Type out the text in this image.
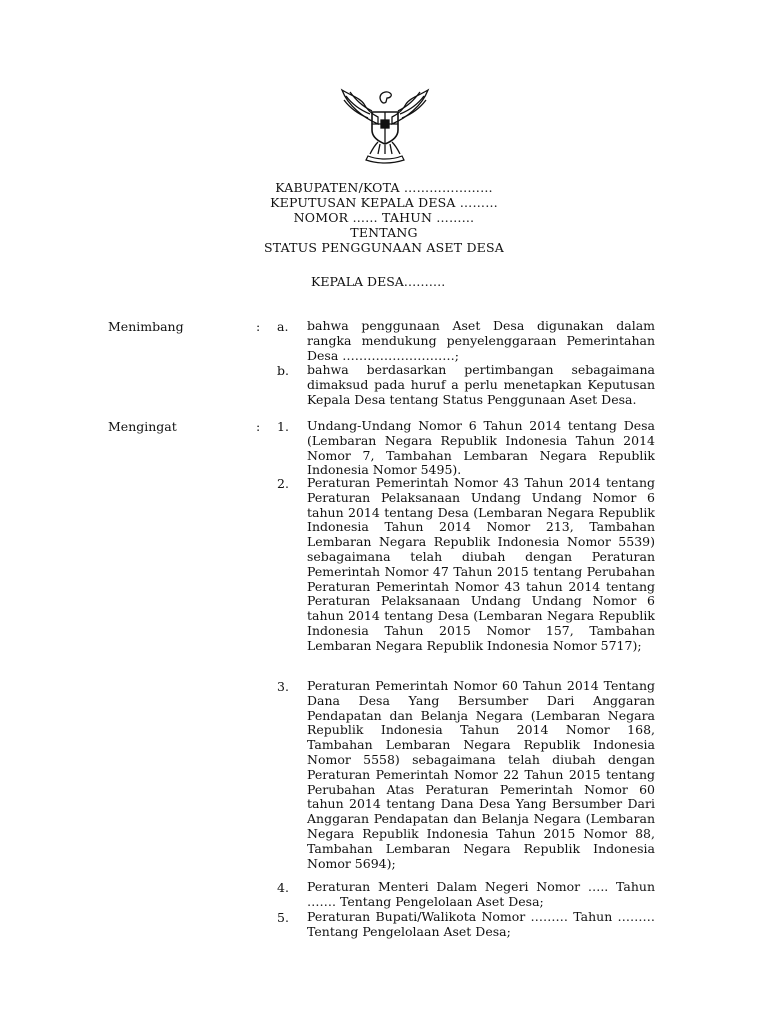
KABUPATEN/KOTA …………………
KEPUTUSAN KEPALA DESA ………
NOMOR …… TAHUN ………
TENTANG
STATUS PENGGUNAAN ASET DESA
KEPALA DESA……….
Menimbang	: a. bahwa penggunaan Aset Desa digunakan dalam rangka mendukung penyelenggaraan Pemerintahan Desa ………………………;
b. bahwa berdasarkan pertimbangan sebagaimana dimaksud pada huruf a perlu menetapkan Keputusan Kepala Desa tentang Status Penggunaan Aset Desa.
Mengingat	: 1. Undang-Undang Nomor 6 Tahun 2014 tentang Desa (Lembaran Negara Republik Indonesia Tahun 2014 Nomor 7, Tambahan Lembaran Negara Republik Indonesia Nomor 5495).
2. Peraturan Pemerintah Nomor 43 Tahun 2014 tentang Peraturan Pelaksanaan Undang Undang Nomor 6 tahun 2014 tentang Desa (Lembaran Negara Republik Indonesia Tahun 2014 Nomor 213, Tambahan Lembaran Negara Republik Indonesia Nomor 5539) sebagaimana telah diubah dengan Peraturan Pemerintah Nomor 47 Tahun 2015 tentang Perubahan Peraturan Pemerintah Nomor 43 tahun 2014 tentang Peraturan Pelaksanaan Undang Undang Nomor 6 tahun 2014 tentang Desa (Lembaran Negara Republik Indonesia Tahun 2015 Nomor 157, Tambahan Lembaran Negara Republik Indonesia Nomor 5717);
3. Peraturan Pemerintah Nomor 60 Tahun 2014 Tentang Dana Desa Yang Bersumber Dari Anggaran Pendapatan dan Belanja Negara (Lembaran Negara Republik Indonesia Tahun 2014 Nomor 168, Tambahan Lembaran Negara Republik Indonesia Nomor 5558) sebagaimana telah diubah dengan Peraturan Pemerintah Nomor 22 Tahun 2015 tentang Perubahan Atas Peraturan Pemerintah Nomor 60 tahun 2014 tentang Dana Desa Yang Bersumber Dari Anggaran Pendapatan dan Belanja Negara (Lembaran Negara Republik Indonesia Tahun 2015 Nomor 88, Tambahan Lembaran Negara Republik Indonesia Nomor 5694);
4. Peraturan Menteri Dalam Negeri Nomor ….. Tahun ……. Tentang Pengelolaan Aset Desa;
5. Peraturan Bupati/Walikota Nomor ……… Tahun ……… Tentang Pengelolaan Aset Desa;
